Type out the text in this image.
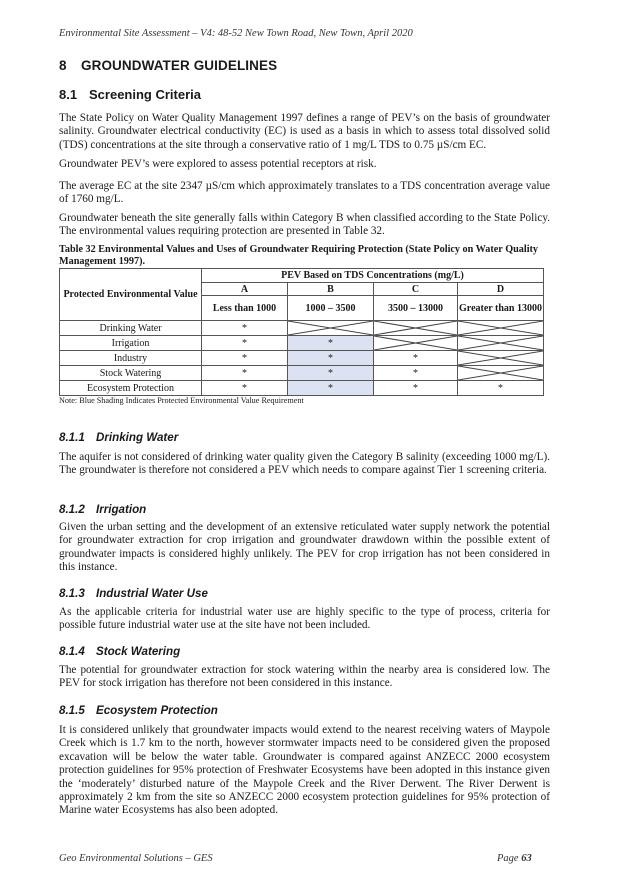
Environmental Site Assessment – V4: 48-52 New Town Road, New Town, April 2020
8 GROUNDWATER GUIDELINES
8.1 Screening Criteria
The State Policy on Water Quality Management 1997 defines a range of PEV’s on the basis of groundwater salinity. Groundwater electrical conductivity (EC) is used as a basis in which to assess total dissolved solid (TDS) concentrations at the site through a conservative ratio of 1 mg/L TDS to 0.75 µS/cm EC.
Groundwater PEV’s were explored to assess potential receptors at risk.
The average EC at the site 2347 µS/cm which approximately translates to a TDS concentration average value of 1760 mg/L.
Groundwater beneath the site generally falls within Category B when classified according to the State Policy. The environmental values requiring protection are presented in Table 32.
Table 32 Environmental Values and Uses of Groundwater Requiring Protection (State Policy on Water Quality Management 1997).
Protected Environmental Value	PEV Based on TDS Concentrations (mg/L)			
	A	B	C	D
	Less than 1000	1000 – 3500	3500 – 13000	Greater than 13000
Drinking Water	*	

Irrigation	*	*	

Industry	*	*	*	

Stock Watering	*	*	*	

Ecosystem Protection	*	*	*	*
Note: Blue Shading Indicates Protected Environmental Value Requirement
8.1.1 Drinking Water
The aquifer is not considered of drinking water quality given the Category B salinity (exceeding 1000 mg/L). The groundwater is therefore not considered a PEV which needs to compare against Tier 1 screening criteria.
8.1.2 Irrigation
Given the urban setting and the development of an extensive reticulated water supply network the potential for groundwater extraction for crop irrigation and groundwater drawdown within the possible extent of groundwater impacts is considered highly unlikely. The PEV for crop irrigation has not been considered in this instance.
8.1.3 Industrial Water Use
As the applicable criteria for industrial water use are highly specific to the type of process, criteria for possible future industrial water use at the site have not been included.
8.1.4 Stock Watering
The potential for groundwater extraction for stock watering within the nearby area is considered low. The PEV for stock irrigation has therefore not been considered in this instance.
8.1.5 Ecosystem Protection
It is considered unlikely that groundwater impacts would extend to the nearest receiving waters of Maypole Creek which is 1.7 km to the north, however stormwater impacts need to be considered given the proposed excavation will be below the water table. Groundwater is compared against ANZECC 2000 ecosystem protection guidelines for 95% protection of Freshwater Ecosystems have been adopted in this instance given the ‘moderately’ disturbed nature of the Maypole Creek and the River Derwent. The River Derwent is approximately 2 km from the site so ANZECC 2000 ecosystem protection guidelines for 95% protection of Marine water Ecosystems has also been adopted.
Geo Environmental Solutions – GES	Page 63
